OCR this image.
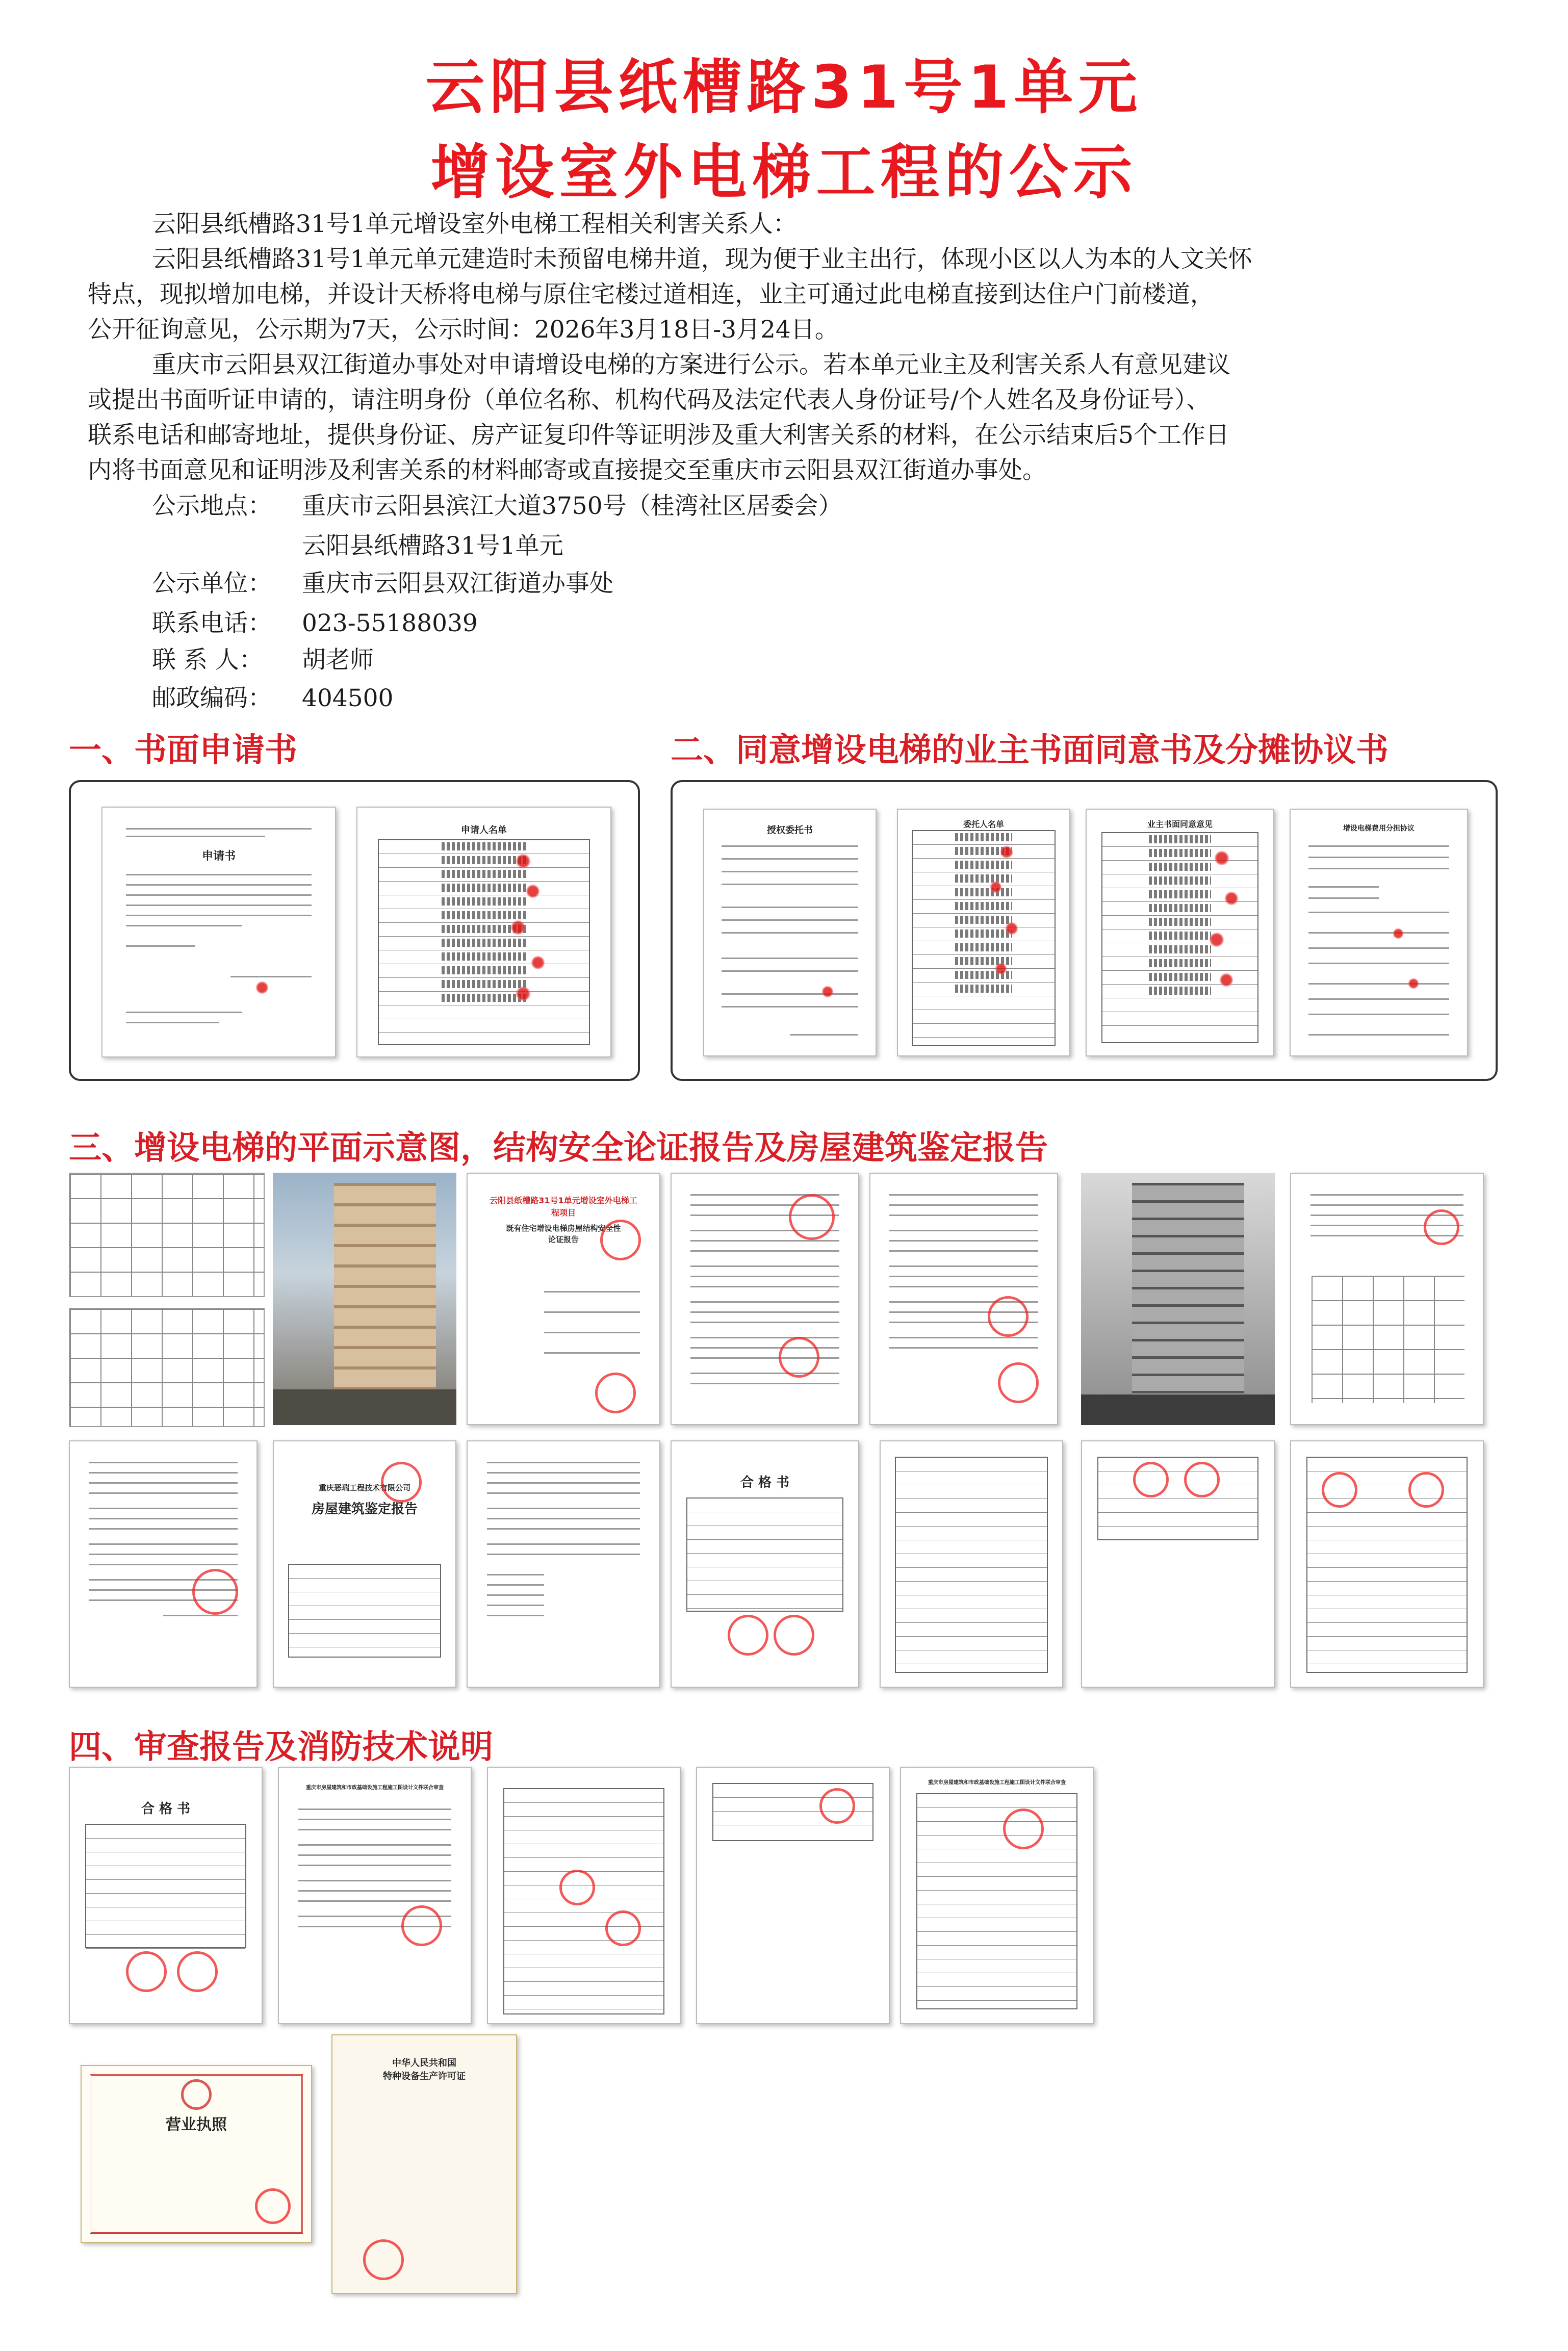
云阳县纸槽路31号1单元
增设室外电梯工程的公示
云阳县纸槽路31号1单元增设室外电梯工程相关利害关系人：
云阳县纸槽路31号1单元单元建造时未预留电梯井道，现为便于业主出行，体现小区以人为本的人文关怀
特点，现拟增加电梯，并设计天桥将电梯与原住宅楼过道相连，业主可通过此电梯直接到达住户门前楼道，
公开征询意见，公示期为7天，公示时间：2026年3月18日-3月24日。
重庆市云阳县双江街道办事处对申请增设电梯的方案进行公示。若本单元业主及利害关系人有意见建议
或提出书面听证申请的，请注明身份（单位名称、机构代码及法定代表人身份证号/个人姓名及身份证号）、
联系电话和邮寄地址，提供身份证、房产证复印件等证明涉及重大利害关系的材料，在公示结束后5个工作日
内将书面意见和证明涉及利害关系的材料邮寄或直接提交至重庆市云阳县双江街道办事处。
公示地点： 重庆市云阳县滨江大道3750号（桂湾社区居委会）
云阳县纸槽路31号1单元
公示单位： 重庆市云阳县双江街道办事处
联系电话： 023-55188039
联 系 人： 胡老师
邮政编码： 404500
一、书面申请书	二、同意增设电梯的业主书面同意书及分摊协议书
申请书
申请人名单	授权委托书
委托人名单	业主书面同意意见	增设电梯费用分担协议
三、增设电梯的平面示意图，结构安全论证报告及房屋建筑鉴定报告
云阳县纸槽路31号1单元增设室外电梯工
程项目
既有住宅增设电梯房屋结构安全性
论证报告
重庆恶瑞工程技术有限公司
房屋建筑鉴定报告
合 格 书
四、审查报告及消防技术说明
合 格 书
重庆市房屋建筑和市政基础设施工程施工图设计文件联合审查
重庆市房屋建筑和市政基础设施工程施工图设计文件联合审查
营业执照
中华人民共和国
特种设备生产许可证
